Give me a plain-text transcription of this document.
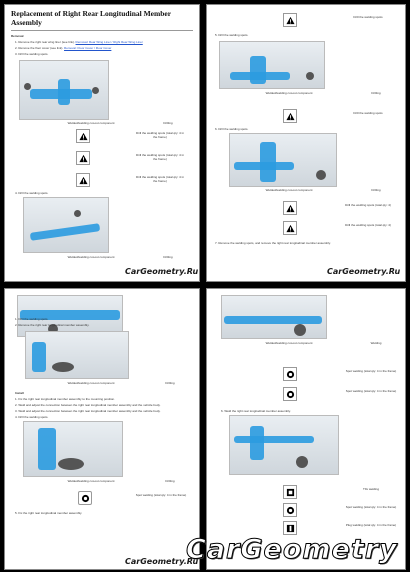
Replacement of Right Rear Longitudinal Member Assembly
Removal
1. Remove the right rear wing liner (see link). Removal: Rear Wing Liner / Right Rear Wing Liner
2. Remove the floor cover (see link). Removal: Floor Cover / Floor Cover
3. Drill the welding spots.
Welded/welding cut-out component	Drilling
Drill the welding spots (total qty: 4 in the frame)
Drill the welding spots (total qty: 4 in the frame)
Drill the welding spots (total qty: 4 in the frame)
4. Drill the welding spots.
Welded/welding cut-out component	Drilling
CarGeometry.Ru
Drill the welding spots
5. Drill the welding spots.
Welded/welding cut-out component	Drilling
Drill the welding spots
6. Drill the welding spots.
Welded/welding cut-out component	Drilling
Drill the welding spots (total qty: 4)
Drill the welding spots (total qty: 4)
7. Remove the welding spots, and remove the right rear longitudinal member assembly.
CarGeometry.Ru
1. Drill the welding spots.
2. Remove the right rear longitudinal member assembly.
Welded/welding cut-out component	Drilling
Install
1. Fix the right rear longitudinal member assembly to the mounting position.
2. Weld and adjust the connection between the right rear longitudinal member assembly and the vehicle body.
3. Weld and adjust the connection between the right rear longitudinal member assembly and the vehicle body.
4. Drill the welding spots.
Welded/welding cut-out component	Drilling
Spot welding (total qty: 4 in the frame)
5. Fix the right rear longitudinal member assembly.
CarGeometry.Ru
Welded/welding cut-out component	Welding
Spot welding (total qty: 4 in the frame)
Spot welding (total qty: 4 in the frame)
6. Weld the right rear longitudinal member assembly.
TIG welding
Spot welding (total qty: 4 in the frame)
Plug welding (total qty: 4 in the frame)
CarGeometry
